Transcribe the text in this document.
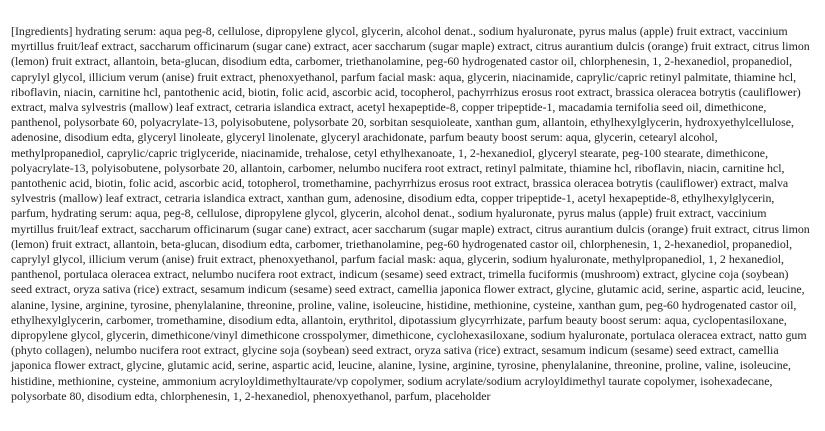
[Ingredients] hydrating serum: aqua peg-8, cellulose, dipropylene glycol, glycerin, alcohol denat., sodium hyaluronate, pyrus malus (apple) fruit extract, vaccinium myrtillus fruit/leaf extract, saccharum officinarum (sugar cane) extract, acer saccharum (sugar maple) extract, citrus aurantium dulcis (orange) fruit extract, citrus limon (lemon) fruit extract, allantoin, beta-glucan, disodium edta, carbomer, triethanolamine, peg-60 hydrogenated castor oil, chlorphenesin, 1, 2-hexanediol, propanediol, caprylyl glycol, illicium verum (anise) fruit extract, phenoxyethanol, parfum facial mask: aqua, glycerin, niacinamide, caprylic/capric retinyl palmitate, thiamine hcl, riboflavin, niacin, carnitine hcl, pantothenic acid, biotin, folic acid, ascorbic acid, tocopherol, pachyrrhizus erosus root extract, brassica oleracea botrytis (cauliflower) extract, malva sylvestris (mallow) leaf extract, cetraria islandica extract, acetyl hexapeptide-8, copper tripeptide-1, macadamia ternifolia seed oil, dimethicone, panthenol, polysorbate 60, polyacrylate-13, polyisobutene, polysorbate 20, sorbitan sesquioleate, xanthan gum, allantoin, ethylhexylglycerin, hydroxyethylcellulose, adenosine, disodium edta, glyceryl linoleate, glyceryl linolenate, glyceryl arachidonate, parfum beauty boost serum: aqua, glycerin, cetearyl alcohol, methylpropanediol, caprylic/capric triglyceride, niacinamide, trehalose, cetyl ethylhexanoate, 1, 2-hexanediol, glyceryl stearate, peg-100 stearate, dimethicone, polyacrylate-13, polyisobutene, polysorbate 20, allantoin, carbomer, nelumbo nucifera root extract, retinyl palmitate, thiamine hcl, riboflavin, niacin, carnitine hcl, pantothenic acid, biotin, folic acid, ascorbic acid, totopherol, tromethamine, pachyrrhizus erosus root extract, brassica oleracea botrytis (cauliflower) extract, malva sylvestris (mallow) leaf extract, cetraria islandica extract, xanthan gum, adenosine, disodium edta, copper tripeptide-1, acetyl hexapeptide-8, ethylhexylglycerin, parfum, hydrating serum: aqua, peg-8, cellulose, dipropylene glycol, glycerin, alcohol denat., sodium hyaluronate, pyrus malus (apple) fruit extract, vaccinium myrtillus fruit/leaf extract, saccharum officinarum (sugar cane) extract, acer saccharum (sugar maple) extract, citrus aurantium dulcis (orange) fruit extract, citrus limon (lemon) fruit extract, allantoin, beta-glucan, disodium edta, carbomer, triethanolamine, peg-60 hydrogenated castor oil, chlorphenesin, 1, 2-hexanediol, propanediol, caprylyl glycol, illicium verum (anise) fruit extract, phenoxyethanol, parfum facial mask: aqua, glycerin, sodium hyaluronate, methylpropanediol, 1, 2 hexanediol, panthenol, portulaca oleracea extract, nelumbo nucifera root extract, indicum (sesame) seed extract, trimella fuciformis (mushroom) extract, glycine coja (soybean) seed extract, oryza sativa (rice) extract, sesamum indicum (sesame) seed extract, camellia japonica flower extract, glycine, glutamic acid, serine, aspartic acid, leucine, alanine, lysine, arginine, tyrosine, phenylalanine, threonine, proline, valine, isoleucine, histidine, methionine, cysteine, xanthan gum, peg-60 hydrogenated castor oil, ethylhexylglycerin, carbomer, tromethamine, disodium edta, allantoin, erythritol, dipotassium glycyrrhizate, parfum beauty boost serum: aqua, cyclopentasiloxane, dipropylene glycol, glycerin, dimethicone/vinyl dimethicone crosspolymer, dimethicone, cyclohexasiloxane, sodium hyaluronate, portulaca oleracea extract, natto gum (phyto collagen), nelumbo nucifera root extract, glycine soja (soybean) seed extract, oryza sativa (rice) extract, sesamum indicum (sesame) seed extract, camellia japonica flower extract, glycine, glutamic acid, serine, aspartic acid, leucine, alanine, lysine, arginine, tyrosine, phenylalanine, threonine, proline, valine, isoleucine, histidine, methionine, cysteine, ammonium acryloyldimethyltaurate/vp copolymer, sodium acrylate/sodium acryloyldimethyl taurate copolymer, isohexadecane, polysorbate 80, disodium edta, chlorphenesin, 1, 2-hexanediol, phenoxyethanol, parfum, placeholder
